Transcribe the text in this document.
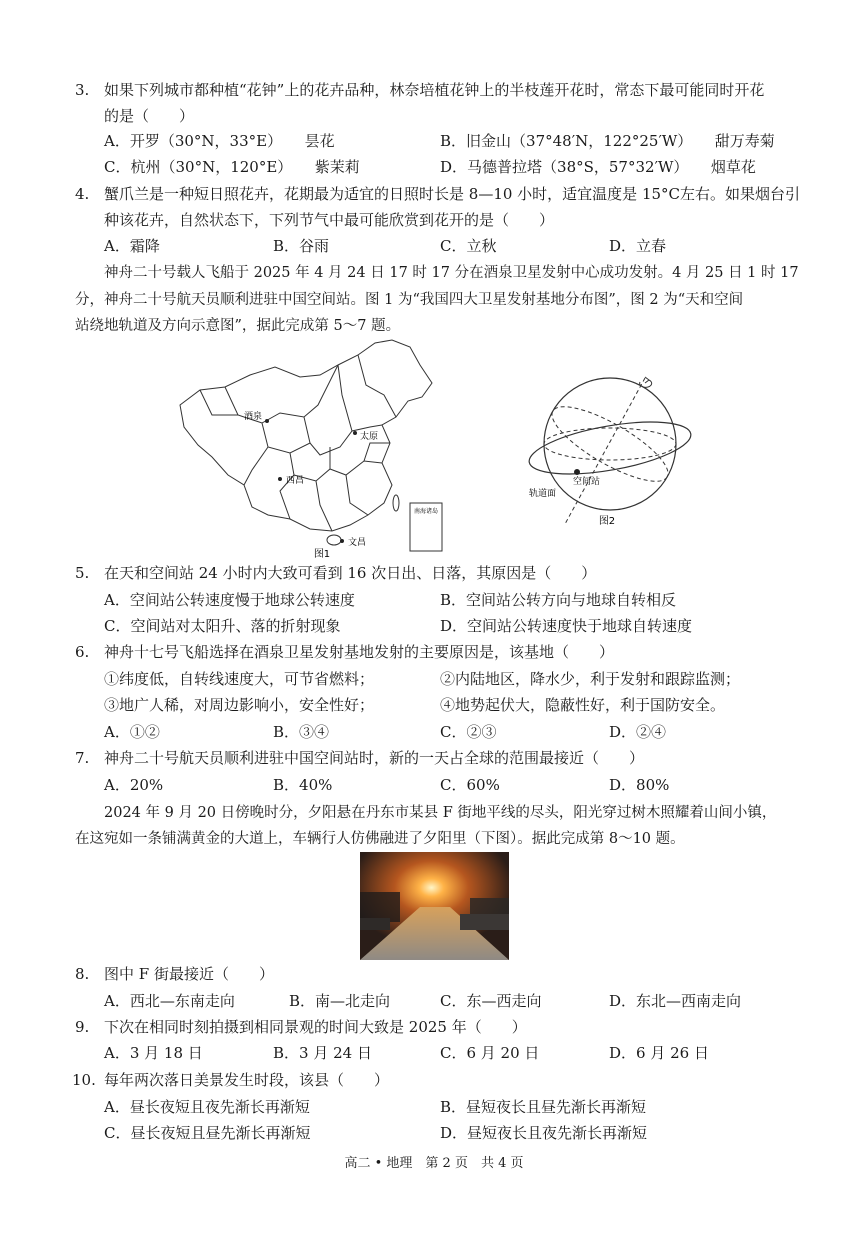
3. 如果下列城市都种植“花钟”上的花卉品种，林奈培植花钟上的半枝莲开花时，常态下最可能同时开花
的是（　　）
A．开罗（30°N，33°E）　　昙花	B．旧金山（37°48′N，122°25′W）　　甜万寿菊
C．杭州（30°N，120°E）　　紫茉莉	D．马德普拉塔（38°S，57°32′W）　　烟草花
4. 蟹爪兰是一种短日照花卉，花期最为适宜的日照时长是 8—10 小时，适宜温度是 15°C左右。如果烟台引
种该花卉，自然状态下，下列节气中最可能欣赏到花开的是（　　）
A．霜降	B．谷雨	C．立秋	D．立春
神舟二十号载人飞船于 2025 年 4 月 24 日 17 时 17 分在酒泉卫星发射中心成功发射。4 月 25 日 1 时 17
分，神舟二十号航天员顺利进驻中国空间站。图 1 为“我国四大卫星发射基地分布图”，图 2 为“天和空间
站绕地轨道及方向示意图”，据此完成第 5～7 题。
南海诸岛
酒泉
太原
西昌
文昌
图1
空间站
轨道面
图2
5. 在天和空间站 24 小时内大致可看到 16 次日出、日落，其原因是（　　）
A．空间站公转速度慢于地球公转速度	B．空间站公转方向与地球自转相反
C．空间站对太阳升、落的折射现象	D．空间站公转速度快于地球自转速度
6. 神舟十七号飞船选择在酒泉卫星发射基地发射的主要原因是，该基地（　　）
①纬度低，自转线速度大，可节省燃料；	②内陆地区，降水少，利于发射和跟踪监测；
③地广人稀，对周边影响小，安全性好；	④地势起伏大，隐蔽性好，利于国防安全。
A．①②	B．③④	C．②③	D．②④
7. 神舟二十号航天员顺利进驻中国空间站时，新的一天占全球的范围最接近（　　）
A．20%	B．40%	C．60%	D．80%
2024 年 9 月 20 日傍晚时分，夕阳悬在丹东市某县 F 街地平线的尽头，阳光穿过树木照耀着山间小镇，
在这宛如一条铺满黄金的大道上，车辆行人仿佛融进了夕阳里（下图）。据此完成第 8～10 题。
8. 图中 F 街最接近（　　）
A．西北—东南走向	B．南—北走向	C．东—西走向	D．东北—西南走向
9. 下次在相同时刻拍摄到相同景观的时间大致是 2025 年（　　）
A．3 月 18 日	B．3 月 24 日	C．6 月 20 日	D．6 月 26 日
10. 每年两次落日美景发生时段，该县（　　）
A．昼长夜短且夜先渐长再渐短	B．昼短夜长且昼先渐长再渐短
C．昼长夜短且昼先渐长再渐短	D．昼短夜长且夜先渐长再渐短
高二 • 地理　第 2 页　共 4 页
